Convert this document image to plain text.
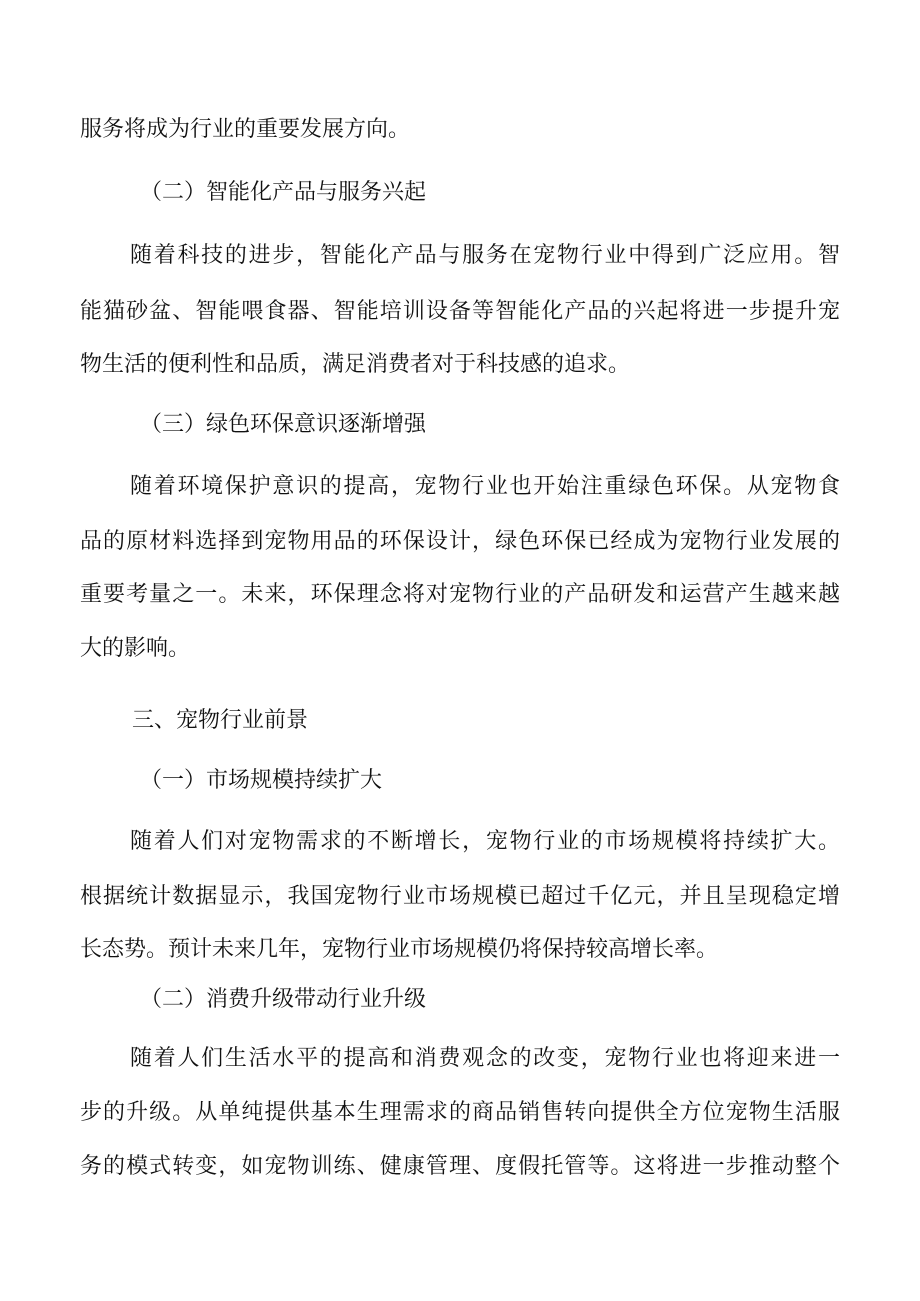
服务将成为行业的重要发展方向。
（二）智能化产品与服务兴起
随着科技的进步，智能化产品与服务在宠物行业中得到广泛应用。智
能猫砂盆、智能喂食器、智能培训设备等智能化产品的兴起将进一步提升宠
物生活的便利性和品质，满足消费者对于科技感的追求。
（三）绿色环保意识逐渐增强
随着环境保护意识的提高，宠物行业也开始注重绿色环保。从宠物食
品的原材料选择到宠物用品的环保设计，绿色环保已经成为宠物行业发展的
重要考量之一。未来，环保理念将对宠物行业的产品研发和运营产生越来越
大的影响。
三、宠物行业前景
（一）市场规模持续扩大
随着人们对宠物需求的不断增长，宠物行业的市场规模将持续扩大。
根据统计数据显示，我国宠物行业市场规模已超过千亿元，并且呈现稳定增
长态势。预计未来几年，宠物行业市场规模仍将保持较高增长率。
（二）消费升级带动行业升级
随着人们生活水平的提高和消费观念的改变，宠物行业也将迎来进一
步的升级。从单纯提供基本生理需求的商品销售转向提供全方位宠物生活服
务的模式转变，如宠物训练、健康管理、度假托管等。这将进一步推动整个
